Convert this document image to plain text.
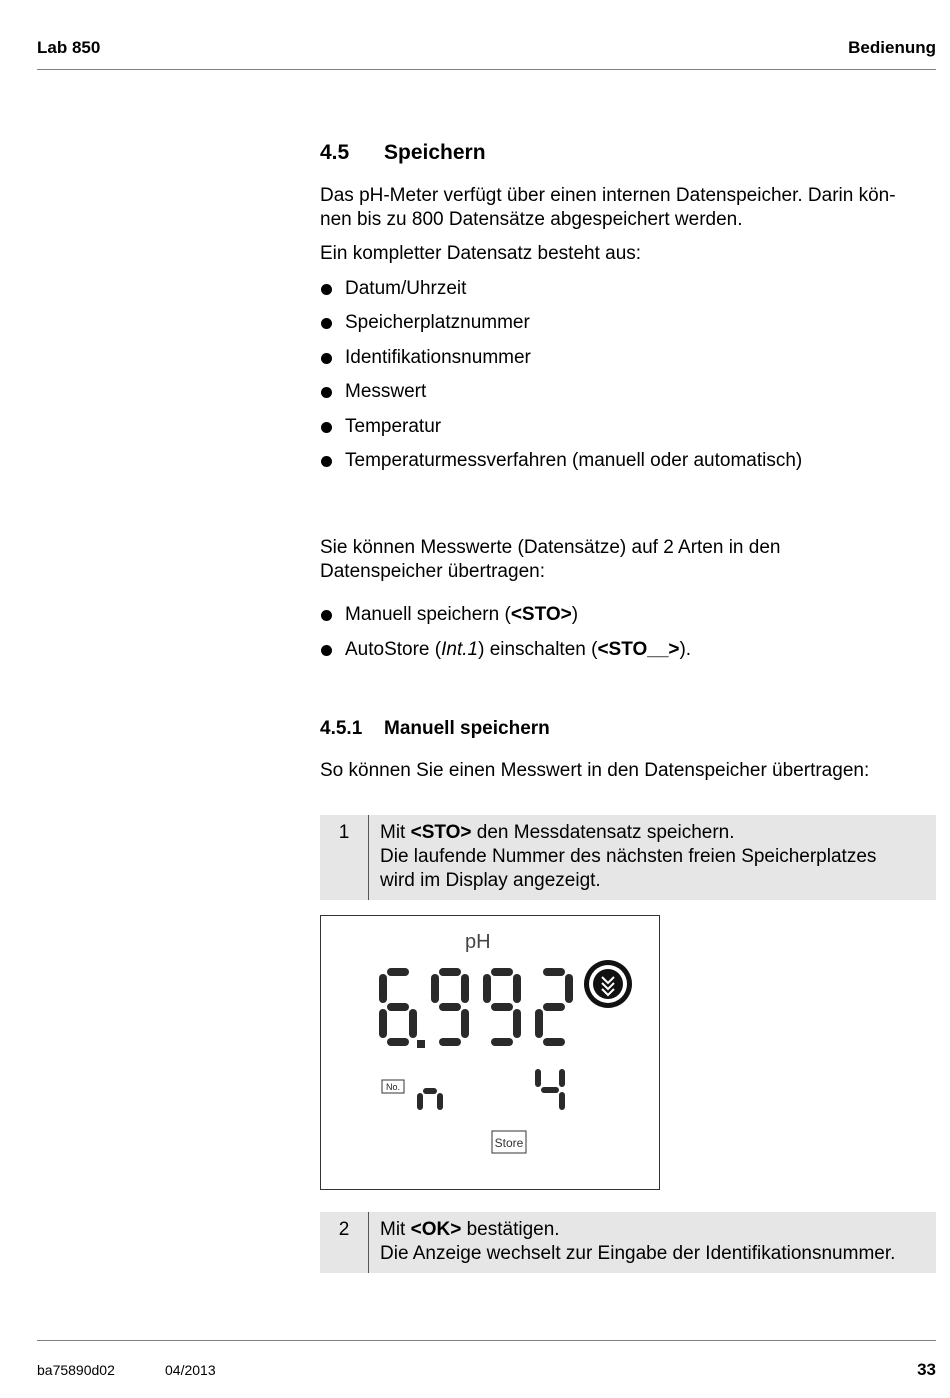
Lab 850	Bedienung
4.5 Speichern
Das pH-Meter verfügt über einen internen Datenspeicher. Darin kön-
nen bis zu 800 Datensätze abgespeichert werden.
Ein kompletter Datensatz besteht aus:
Datum/Uhrzeit
Speicherplatznummer
Identifikationsnummer
Messwert
Temperatur
Temperaturmessverfahren (manuell oder automatisch)
Sie können Messwerte (Datensätze) auf 2 Arten in den
Datenspeicher übertragen:
Manuell speichern (<STO>)
AutoStore (Int.1) einschalten (<STO__>).
4.5.1 Manuell speichern
So können Sie einen Messwert in den Datenspeicher übertragen:
1	Mit <STO> den Messdatensatz speichern.
Die laufende Nummer des nächsten freien Speicherplatzes
wird im Display angezeigt.
pH
No.
Store
2	Mit <OK> bestätigen.
Die Anzeige wechselt zur Eingabe der Identifikationsnummer.
ba75890d02	04/2013	33
